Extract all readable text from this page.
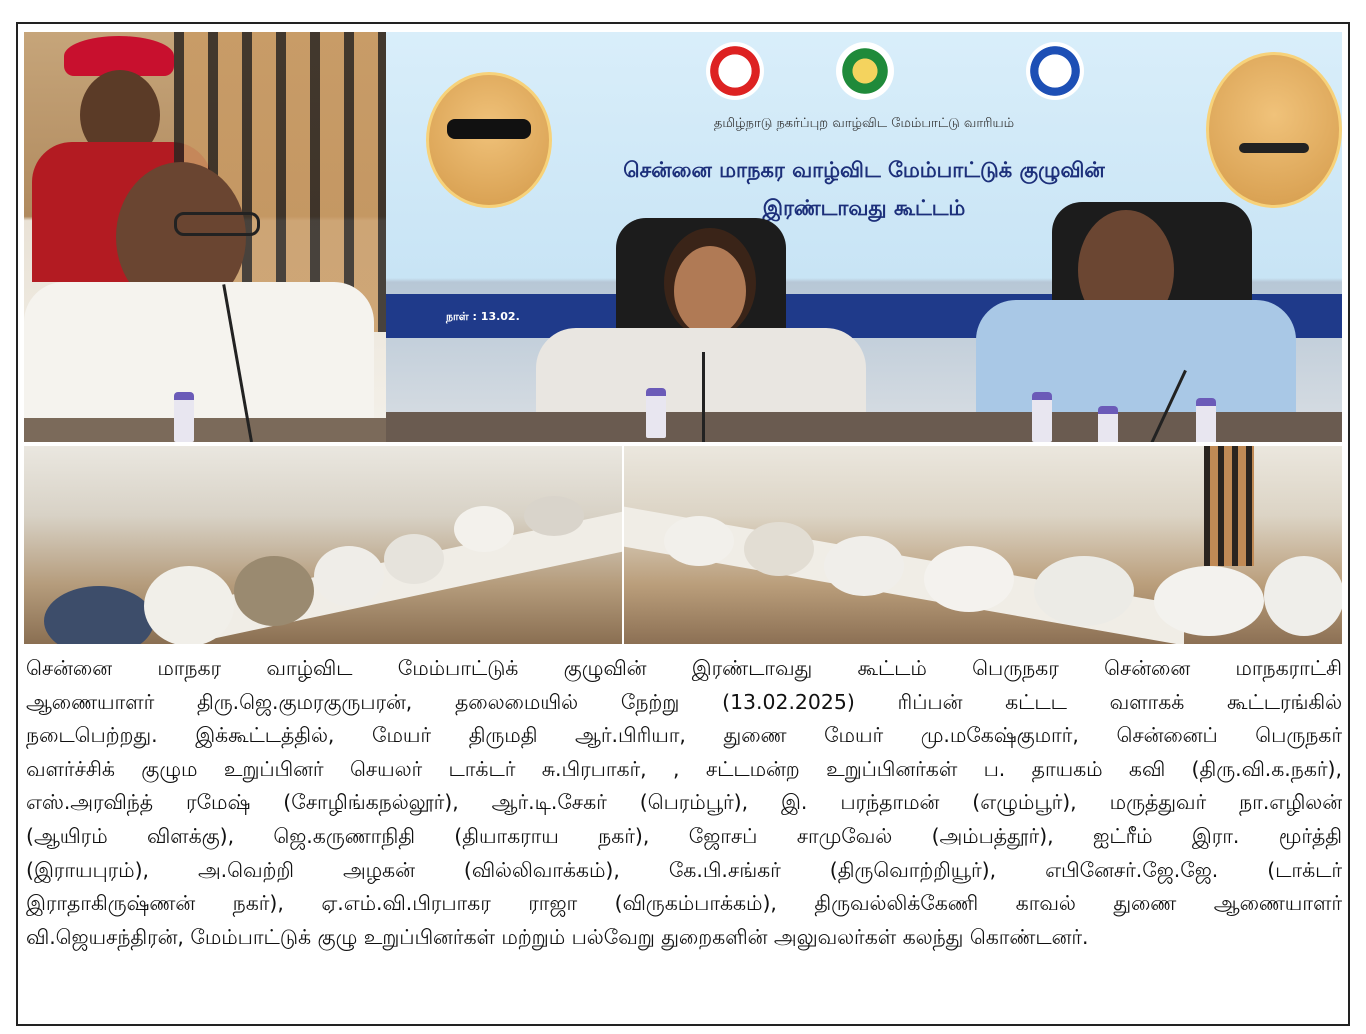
தமிழ்நாடு நகர்ப்புற வாழ்விட மேம்பாட்டு வாரியம்
சென்னை மாநகர வாழ்விட மேம்பாட்டுக் குழுவின்
இரண்டாவது கூட்டம்
நாள் : 13.02.
சென்னை மாநகர வாழ்விட மேம்பாட்டுக் குழுவின் இரண்டாவது கூட்டம் பெருநகர சென்னை மாநகராட்சி
ஆணையாளர் திரு.ஜெ.குமரகுருபரன், தலைமையில் நேற்று (13.02.2025) ரிப்பன் கட்டட வளாகக் கூட்டரங்கில்
நடைபெற்றது. இக்கூட்டத்தில், மேயர் திருமதி ஆர்.பிரியா, துணை மேயர் மு.மகேஷ்குமார், சென்னைப் பெருநகர்
வளர்ச்சிக் குழும உறுப்பினர் செயலர் டாக்டர் சு.பிரபாகர், , சட்டமன்ற உறுப்பினர்கள் ப. தாயகம் கவி (திரு.வி.க.நகர்),
எஸ்.அரவிந்த் ரமேஷ் (சோழிங்கநல்லூர்), ஆர்.டி.சேகர் (பெரம்பூர்), இ. பரந்தாமன் (எழும்பூர்), மருத்துவர் நா.எழிலன்
(ஆயிரம் விளக்கு), ஜெ.கருணாநிதி (தியாகராய நகர்), ஜோசப் சாமுவேல் (அம்பத்தூர்), ஐட்ரீம் இரா. மூர்த்தி
(இராயபுரம்), அ.வெற்றி அழகன் (வில்லிவாக்கம்), கே.பி.சங்கர் (திருவொற்றியூர்), எபினேசர்.ஜே.ஜே. (டாக்டர்
இராதாகிருஷ்ணன் நகர்), ஏ.எம்.வி.பிரபாகர ராஜா (விருகம்பாக்கம்), திருவல்லிக்கேணி காவல் துணை ஆணையாளர்
வி.ஜெயசந்திரன், மேம்பாட்டுக் குழு உறுப்பினர்கள் மற்றும் பல்வேறு துறைகளின் அலுவலர்கள் கலந்து கொண்டனர்.
